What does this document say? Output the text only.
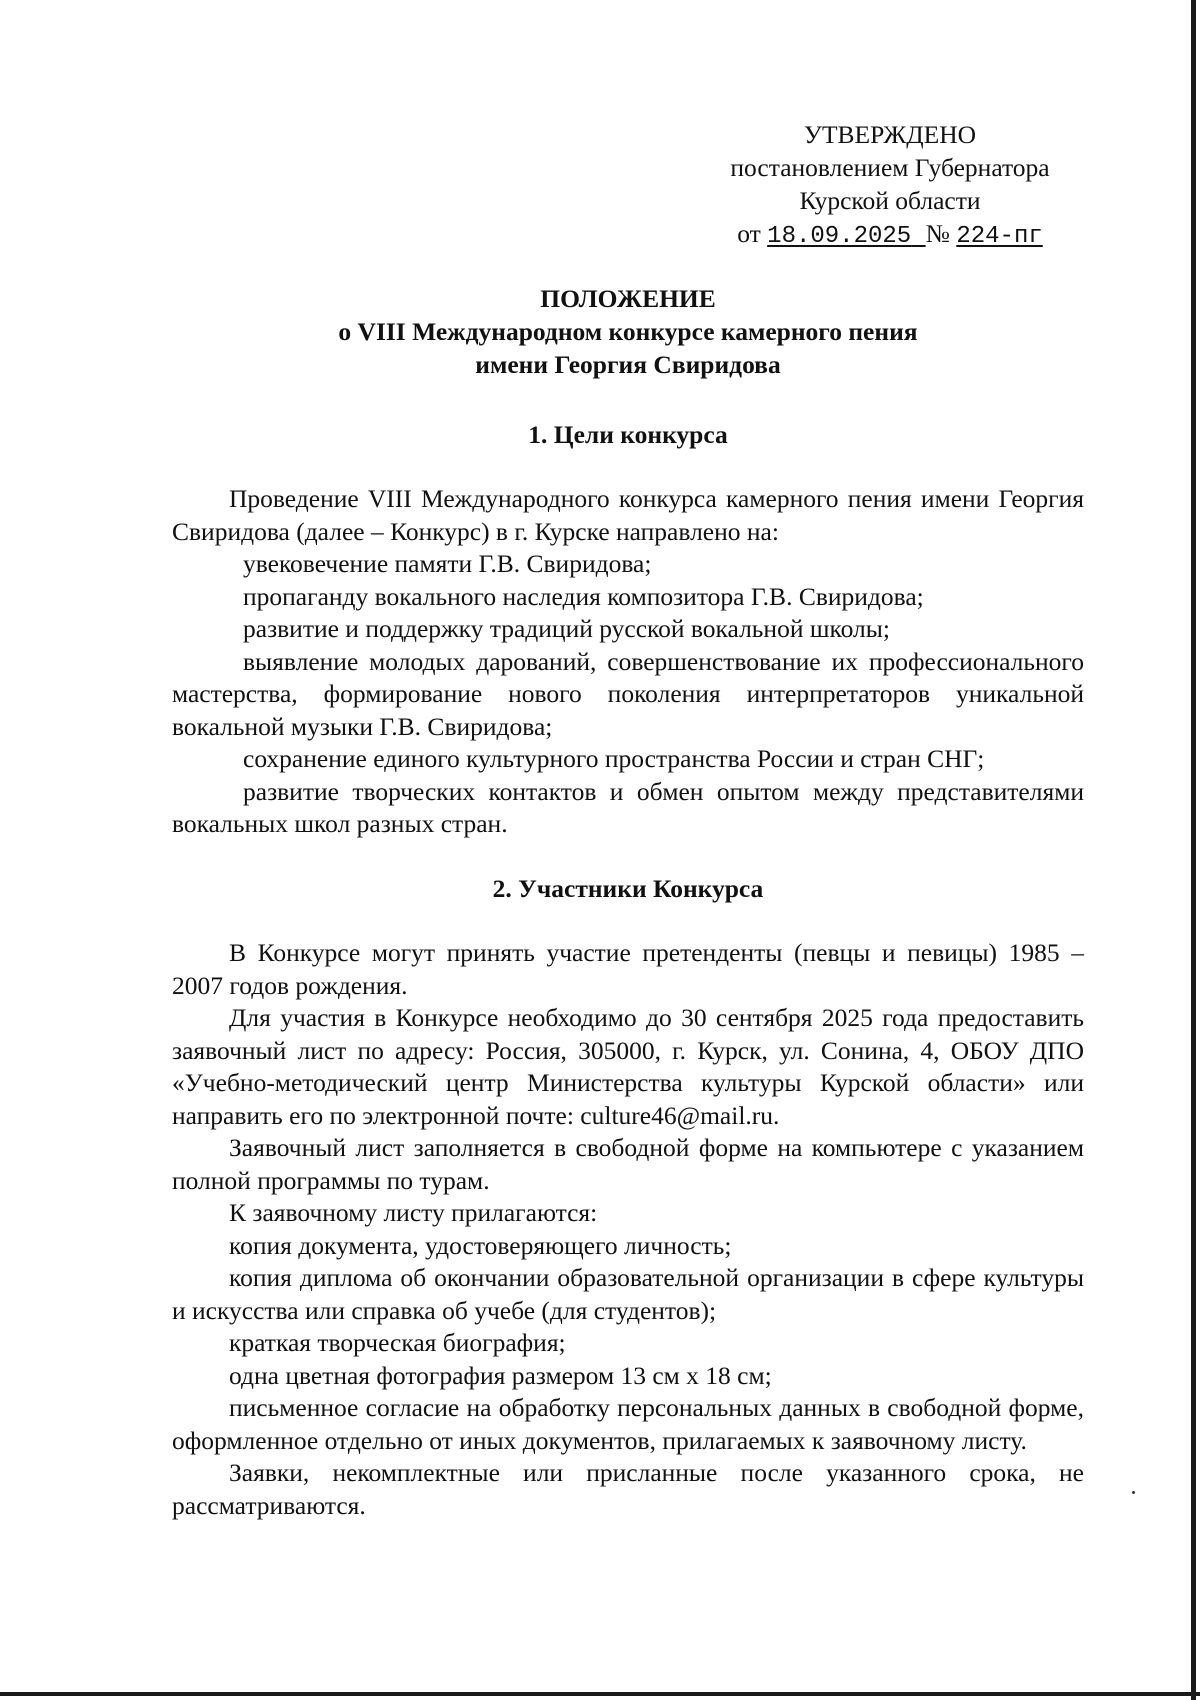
УТВЕРЖДЕНО
постановлением Губернатора
Курской области
от 18.09.2025 № 224-пг
ПОЛОЖЕНИЕ
о VIII Международном конкурсе камерного пения
имени Георгия Свиридова
1. Цели конкурса

Проведение VIII Международного конкурса камерного пения имени Георгия Свиридова (далее – Конкурс) в г. Курске направлено на:

увековечение памяти Г.В. Свиридова;

пропаганду вокального наследия композитора Г.В. Свиридова;

развитие и поддержку традиций русской вокальной школы;

выявление молодых дарований, совершенствование их профессионального мастерства, формирование нового поколения интерпретаторов уникальной вокальной музыки Г.В. Свиридова;

сохранение единого культурного пространства России и стран СНГ;

развитие творческих контактов и обмен опытом между представителями вокальных школ разных стран.

2. Участники Конкурса

В Конкурсе могут принять участие претенденты (певцы и певицы) 1985 – 2007 годов рождения.

Для участия в Конкурсе необходимо до 30 сентября 2025 года предоставить заявочный лист по адресу: Россия, 305000, г. Курск, ул. Сонина, 4, ОБОУ ДПО «Учебно-методический центр Министерства культуры Курской области» или направить его по электронной почте: culture46@mail.ru.

Заявочный лист заполняется в свободной форме на компьютере с указанием полной программы по турам.

К заявочному листу прилагаются:

копия документа, удостоверяющего личность;

копия диплома об окончании образовательной организации в сфере культуры и искусства или справка об учебе (для студентов);

краткая творческая биография;

одна цветная фотография размером 13 см х 18 см;

письменное согласие на обработку персональных данных в свободной форме, оформленное отдельно от иных документов, прилагаемых к заявочному листу.

Заявки, некомплектные или присланные после указанного срока, не рассматриваются.
